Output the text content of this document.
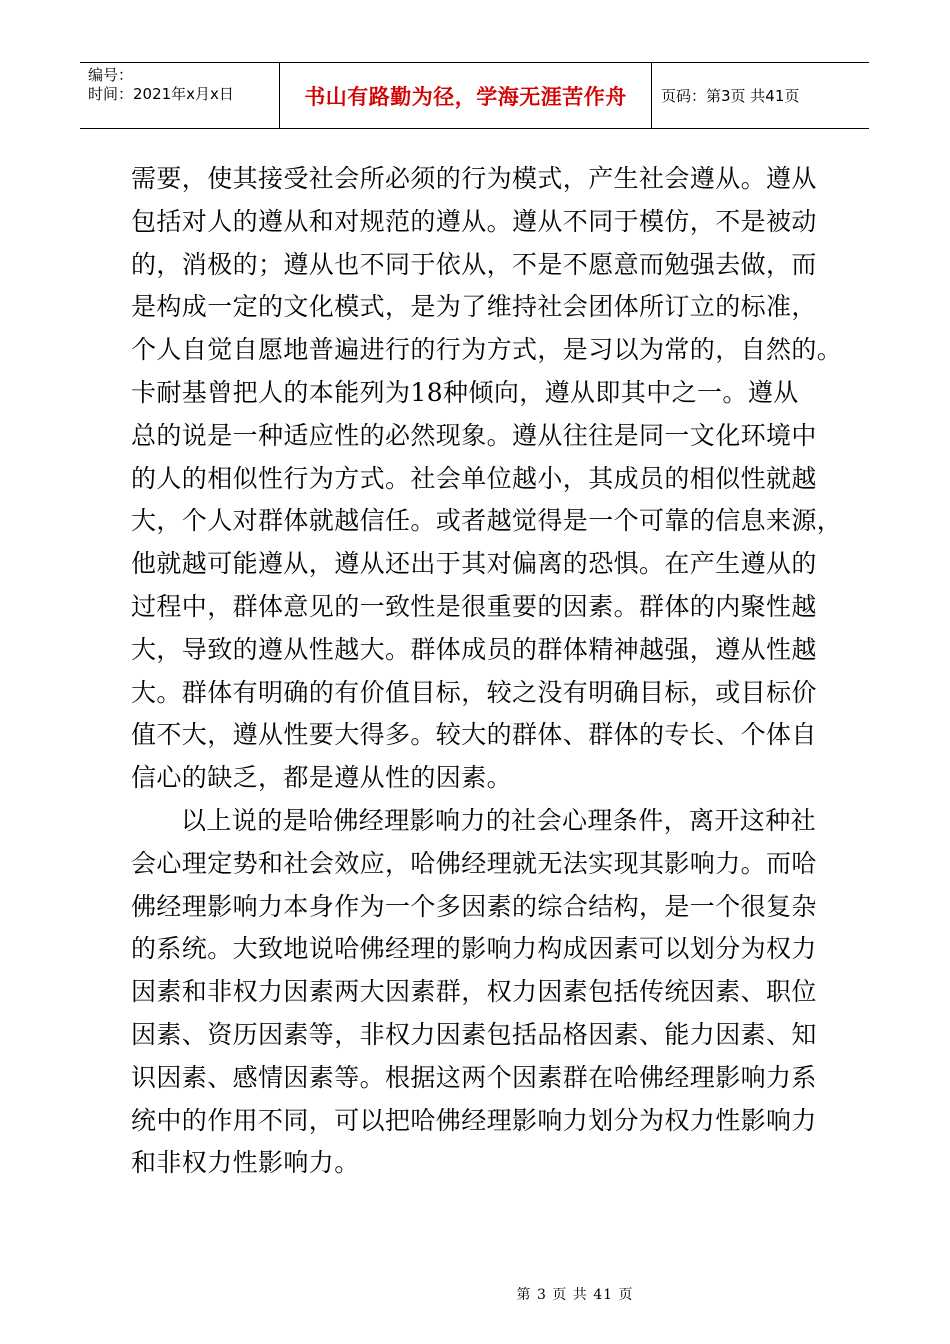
编号：
时间：2021年x月x日	书山有路勤为径，学海无涯苦作舟	页码：第3页 共41页

需要，使其接受社会所必须的行为模式，产生社会遵从。遵从
包括对人的遵从和对规范的遵从。遵从不同于模仿，不是被动
的，消极的；遵从也不同于依从，不是不愿意而勉强去做，而
是构成一定的文化模式，是为了维持社会团体所订立的标准，
个人自觉自愿地普遍进行的行为方式，是习以为常的，自然的。
卡耐基曾把人的本能列为18种倾向，遵从即其中之一。遵从
总的说是一种适应性的必然现象。遵从往往是同一文化环境中
的人的相似性行为方式。社会单位越小，其成员的相似性就越
大，个人对群体就越信任。或者越觉得是一个可靠的信息来源，
他就越可能遵从，遵从还出于其对偏离的恐惧。在产生遵从的
过程中，群体意见的一致性是很重要的因素。群体的内聚性越
大，导致的遵从性越大。群体成员的群体精神越强，遵从性越
大。群体有明确的有价值目标，较之没有明确目标，或目标价
值不大，遵从性要大得多。较大的群体、群体的专长、个体自
信心的缺乏，都是遵从性的因素。

以上说的是哈佛经理影响力的社会心理条件，离开这种社
会心理定势和社会效应，哈佛经理就无法实现其影响力。而哈
佛经理影响力本身作为一个多因素的综合结构，是一个很复杂
的系统。大致地说哈佛经理的影响力构成因素可以划分为权力
因素和非权力因素两大因素群，权力因素包括传统因素、职位
因素、资历因素等，非权力因素包括品格因素、能力因素、知
识因素、感情因素等。根据这两个因素群在哈佛经理影响力系
统中的作用不同，可以把哈佛经理影响力划分为权力性影响力
和非权力性影响力。

第 3 页 共 41 页
